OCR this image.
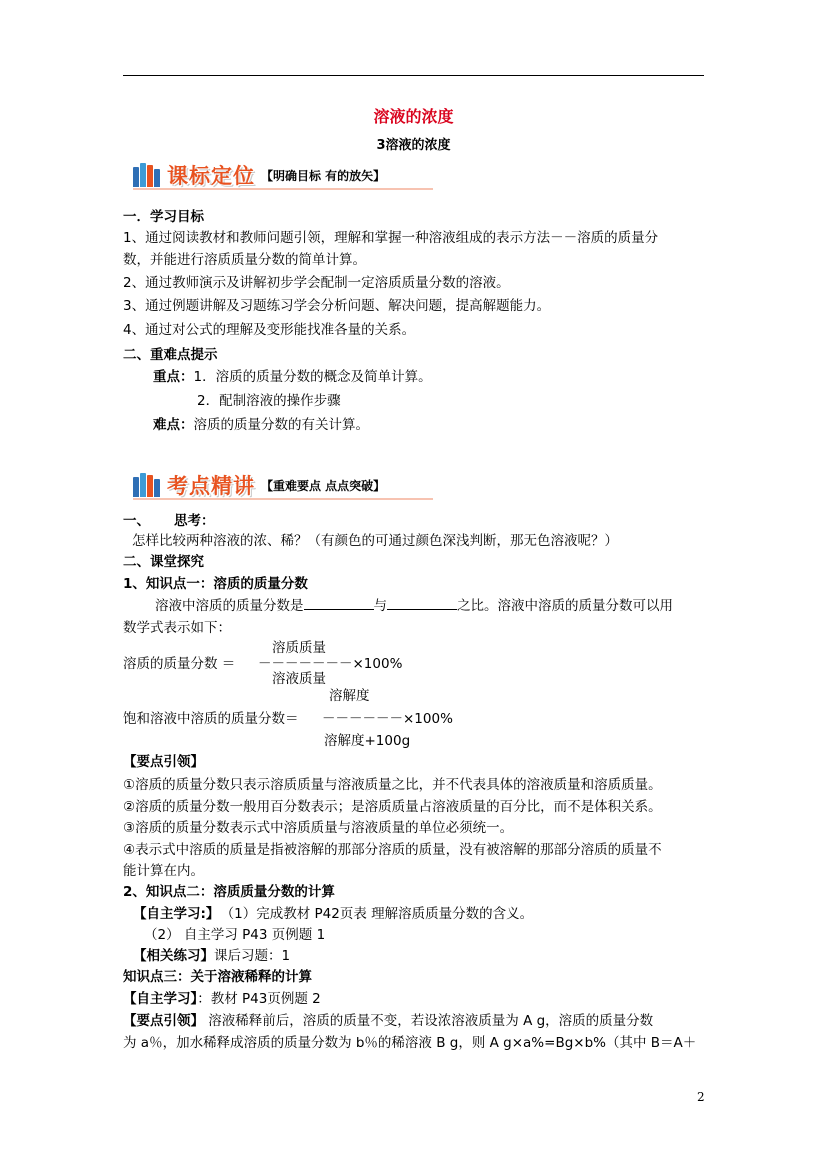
溶液的浓度
3溶液的浓度
课标定位 【明确目标 有的放矢】
一．学习目标
1、通过阅读教材和教师问题引领，理解和掌握一种溶液组成的表示方法－－溶质的质量分
数，并能进行溶质质量分数的简单计算。
2、通过教师演示及讲解初步学会配制一定溶质质量分数的溶液。
3、通过例题讲解及习题练习学会分析问题、解决问题，提高解题能力。
4、通过对公式的理解及变形能找准各量的关系。
二、重难点提示
重点：1．溶质的质量分数的概念及简单计算。
2．配制溶液的操作步骤
难点：溶质的质量分数的有关计算。
考点精讲 【重难要点 点点突破】
一、 思考：
怎样比较两种溶液的浓、稀？（有颜色的可通过颜色深浅判断，那无色溶液呢？）
二、课堂探究
1、知识点一：溶质的质量分数
溶液中溶质的质量分数是	与	之比。溶液中溶质的质量分数可以用
数学式表示如下：
溶质质量
溶质的质量分数 ＝ －－－－－－－×100%
溶液质量
溶解度
饱和溶液中溶质的质量分数＝ －－－－－－×100%
溶解度+100g
【要点引领】
①溶质的质量分数只表示溶质质量与溶液质量之比，并不代表具体的溶液质量和溶质质量。
②溶质的质量分数一般用百分数表示；是溶质质量占溶液质量的百分比，而不是体积关系。
③溶质的质量分数表示式中溶质质量与溶液质量的单位必须统一。
④表示式中溶质的质量是指被溶解的那部分溶质的质量，没有被溶解的那部分溶质的质量不
能计算在内。
2、知识点二：溶质质量分数的计算
【自主学习:】 （1）完成教材 P42页表 理解溶质质量分数的含义。
（2） 自主学习 P43 页例题 1
【相关练习】课后习题：1
知识点三：关于溶液稀释的计算
【自主学习】：教材 P43页例题 2
【要点引领】 溶液稀释前后，溶质的质量不变，若设浓溶液质量为 A g，溶质的质量分数
为 a％，加水稀释成溶质的质量分数为 b％的稀溶液 B g，则 A g×a%=Bg×b%（其中 B＝A＋
2
